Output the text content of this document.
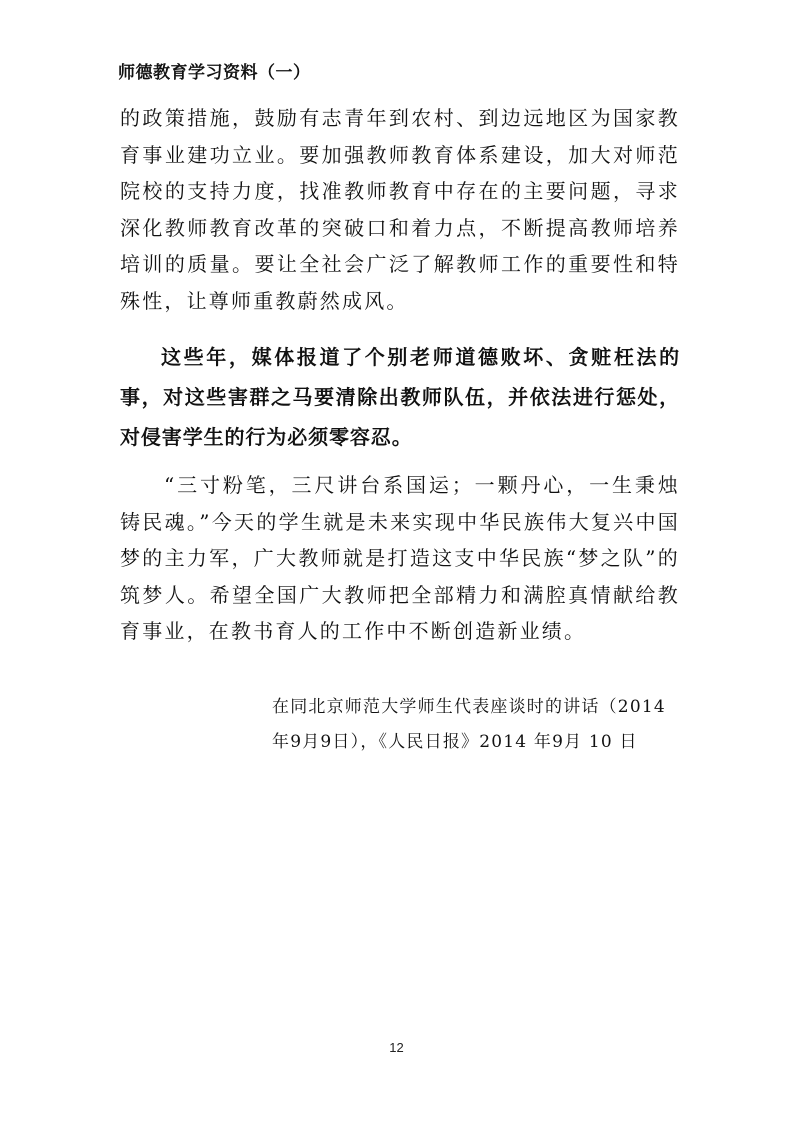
师德教育学习资料（一）

的政策措施，鼓励有志青年到农村、到边远地区为国家教育事业建功立业。要加强教师教育体系建设，加大对师范院校的支持力度，找准教师教育中存在的主要问题，寻求深化教师教育改革的突破口和着力点，不断提高教师培养培训的质量。要让全社会广泛了解教师工作的重要性和特殊性，让尊师重教蔚然成风。

这些年，媒体报道了个别老师道德败坏、贪赃枉法的事，对这些害群之马要清除出教师队伍，并依法进行惩处，对侵害学生的行为必须零容忍。

“三寸粉笔，三尺讲台系国运；一颗丹心，一生秉烛铸民魂。”今天的学生就是未来实现中华民族伟大复兴中国梦的主力军，广大教师就是打造这支中华民族“梦之队”的筑梦人。希望全国广大教师把全部精力和满腔真情献给教育事业，在教书育人的工作中不断创造新业绩。

在同北京师范大学师生代表座谈时的讲话（2014
年9月9日），《人民日报》2014 年9月 10 日
12
